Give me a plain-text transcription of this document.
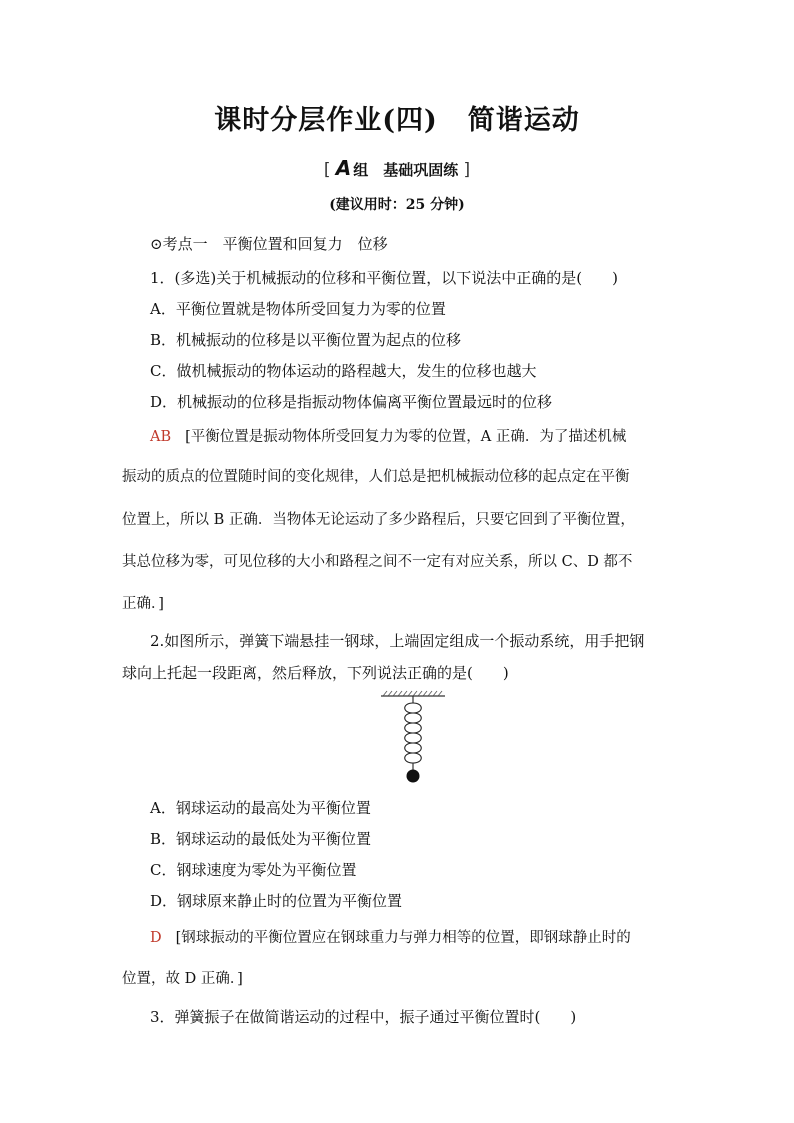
课时分层作业(四) 简谐运动
[ A 组　基础巩固练 ]
(建议用时：25 分钟)
⊙考点一　平衡位置和回复力　位移
1．(多选)关于机械振动的位移和平衡位置，以下说法中正确的是(　　)
A．平衡位置就是物体所受回复力为零的位置
B．机械振动的位移是以平衡位置为起点的位移
C．做机械振动的物体运动的路程越大，发生的位移也越大
D．机械振动的位移是指振动物体偏离平衡位置最远时的位移
AB [平衡位置是振动物体所受回复力为零的位置，A 正确．为了描述机械
振动的质点的位置随时间的变化规律，人们总是把机械振动位移的起点定在平衡
位置上，所以 B 正确．当物体无论运动了多少路程后，只要它回到了平衡位置，
其总位移为零，可见位移的大小和路程之间不一定有对应关系，所以 C、D 都不
正确．]
2.如图所示，弹簧下端悬挂一钢球，上端固定组成一个振动系统，用手把钢
球向上托起一段距离，然后释放，下列说法正确的是(　　)
A．钢球运动的最高处为平衡位置
B．钢球运动的最低处为平衡位置
C．钢球速度为零处为平衡位置
D．钢球原来静止时的位置为平衡位置
D [钢球振动的平衡位置应在钢球重力与弹力相等的位置，即钢球静止时的
位置，故 D 正确．]
3．弹簧振子在做简谐运动的过程中，振子通过平衡位置时(　　)
